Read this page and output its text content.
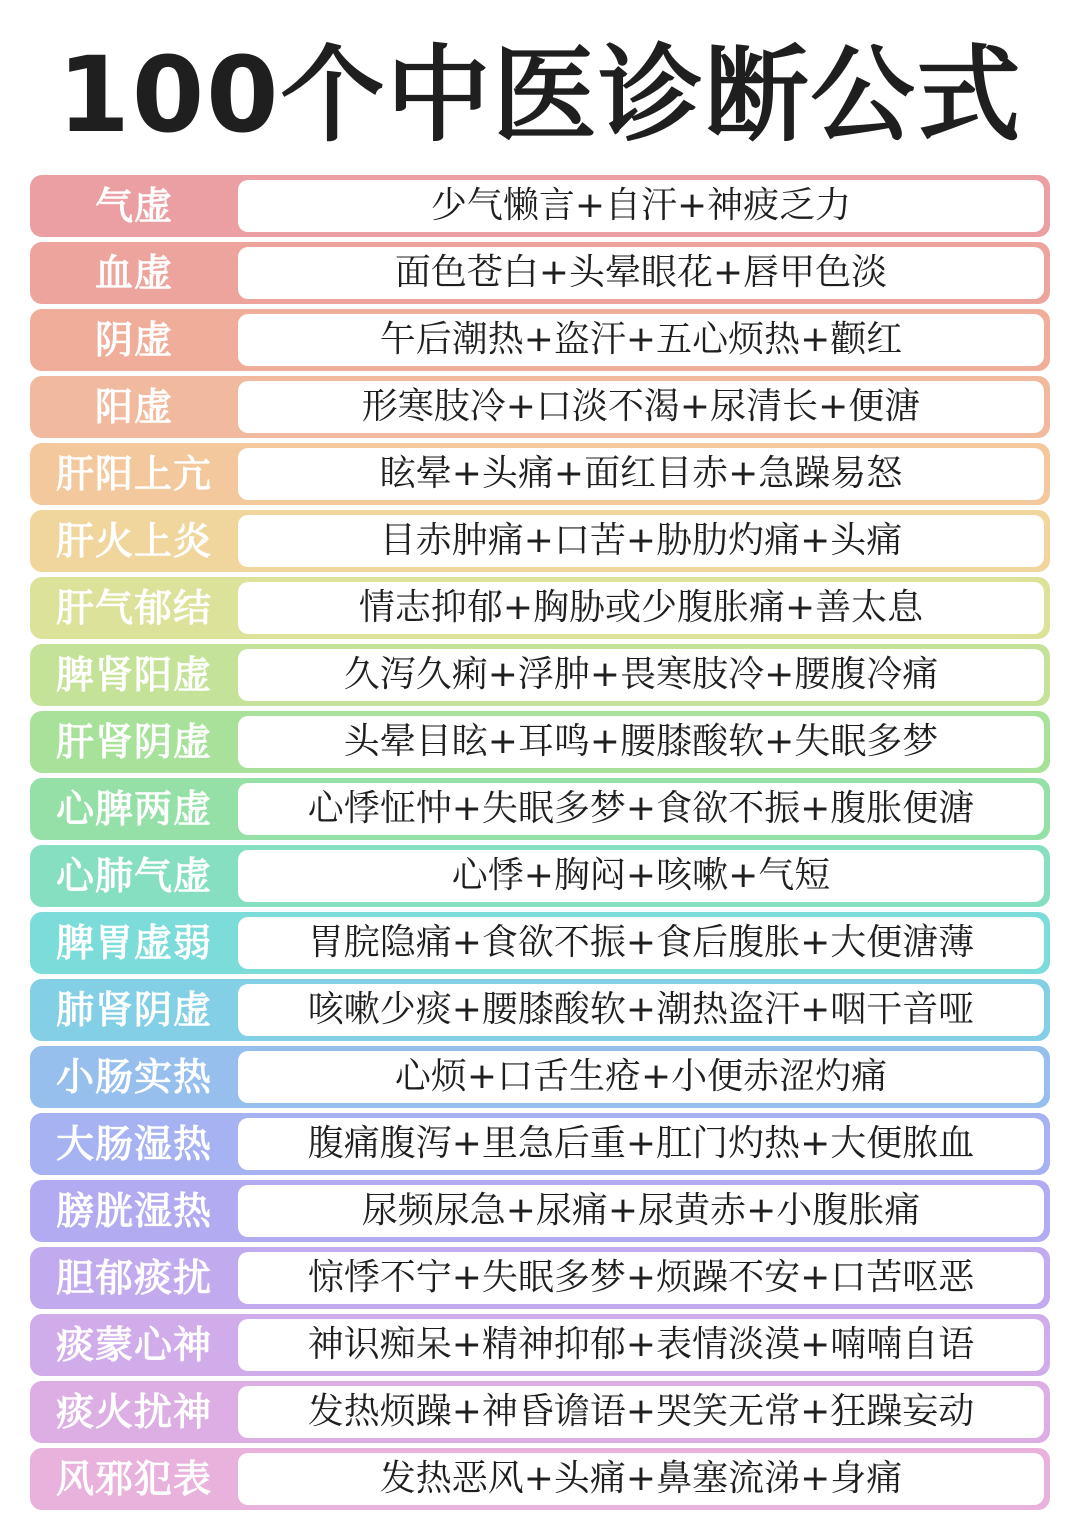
100个中医诊断公式
气虚	少气懒言+自汗+神疲乏力
血虚	面色苍白+头晕眼花+唇甲色淡
阴虚	午后潮热+盗汗+五心烦热+颧红
阳虚	形寒肢冷+口淡不渴+尿清长+便溏
肝阳上亢	眩晕+头痛+面红目赤+急躁易怒
肝火上炎	目赤肿痛+口苦+胁肋灼痛+头痛
肝气郁结	情志抑郁+胸胁或少腹胀痛+善太息
脾肾阳虚	久泻久痢+浮肿+畏寒肢冷+腰腹冷痛
肝肾阴虚	头晕目眩+耳鸣+腰膝酸软+失眠多梦
心脾两虚	心悸怔忡+失眠多梦+食欲不振+腹胀便溏
心肺气虚	心悸+胸闷+咳嗽+气短
脾胃虚弱	胃脘隐痛+食欲不振+食后腹胀+大便溏薄
肺肾阴虚	咳嗽少痰+腰膝酸软+潮热盗汗+咽干音哑
小肠实热	心烦+口舌生疮+小便赤涩灼痛
大肠湿热	腹痛腹泻+里急后重+肛门灼热+大便脓血
膀胱湿热	尿频尿急+尿痛+尿黄赤+小腹胀痛
胆郁痰扰	惊悸不宁+失眠多梦+烦躁不安+口苦呕恶
痰蒙心神	神识痴呆+精神抑郁+表情淡漠+喃喃自语
痰火扰神	发热烦躁+神昏谵语+哭笑无常+狂躁妄动
风邪犯表	发热恶风+头痛+鼻塞流涕+身痛
